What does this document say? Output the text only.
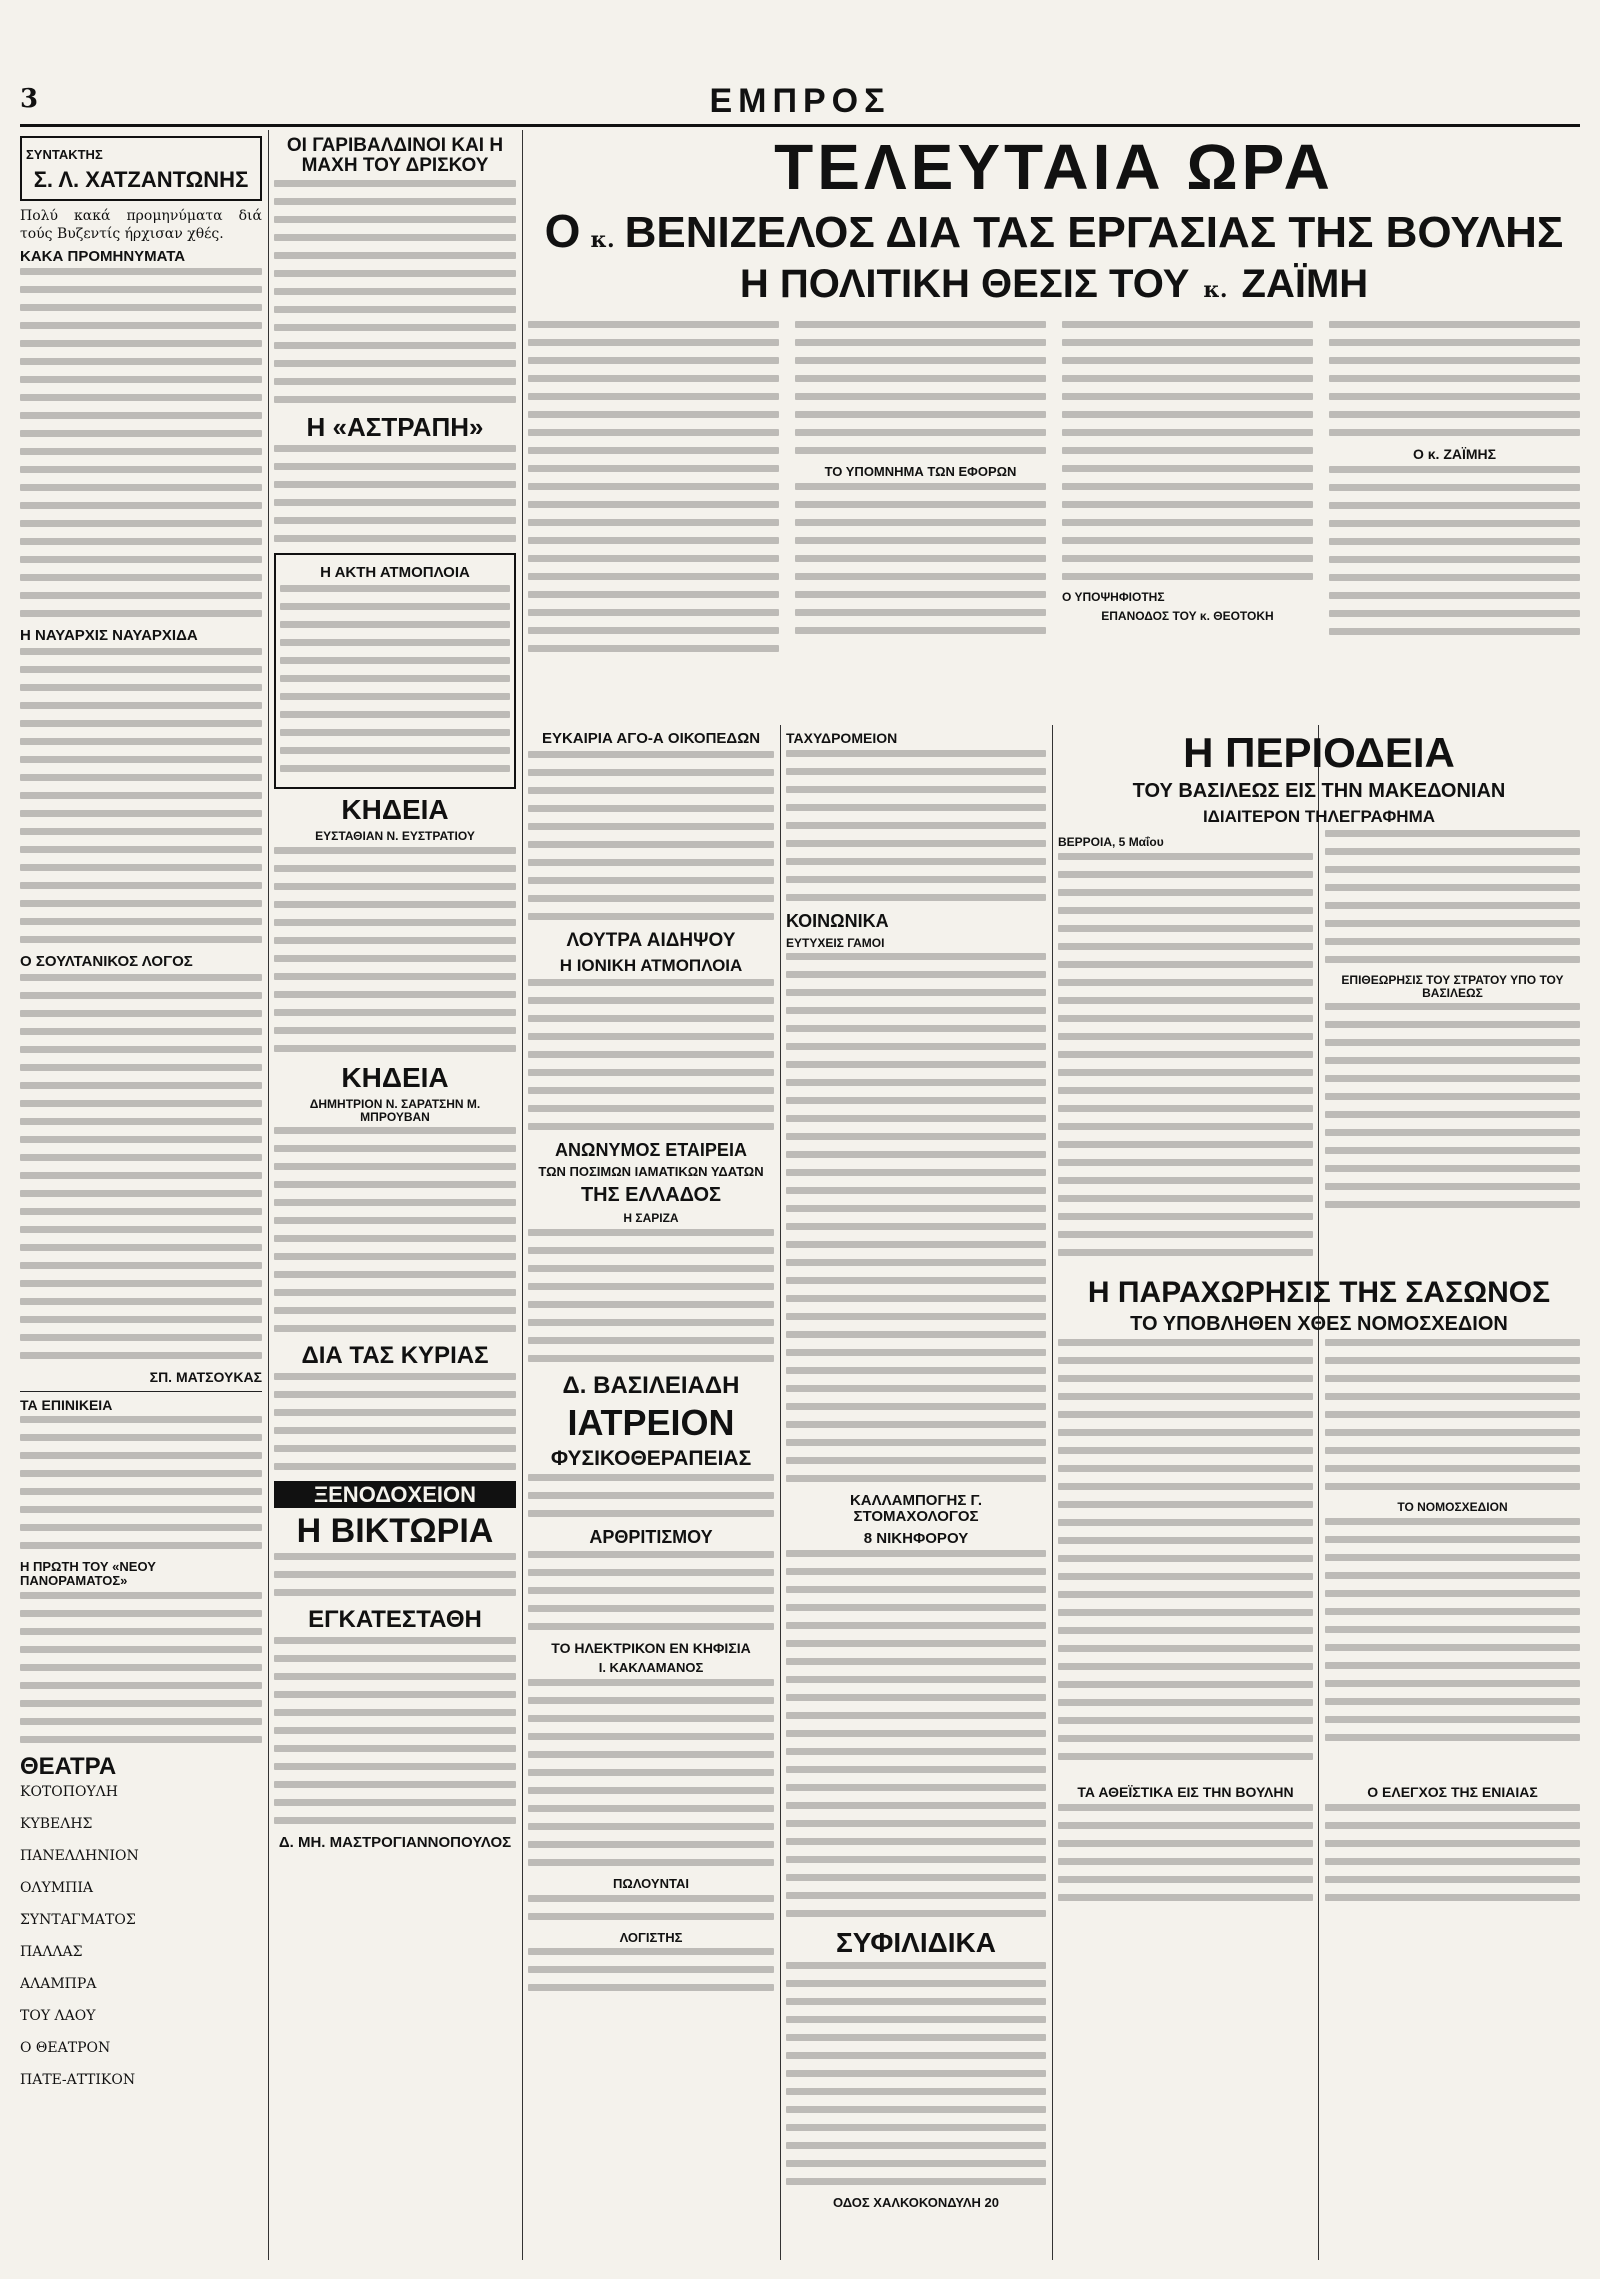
3	ΕΜΠΡΟΣ
ΣΥΝΤΑΚΤΗΣ
Σ. Λ. ΧΑΤΖΑΝΤΩΝΗΣ

Πολύ κακά προμηνύματα διά τούς Βυζεντίς ήρχισαν χθές.

ΚΑΚΑ ΠΡΟΜΗΝΥΜΑΤΑ
Η ΝΑΥΑΡΧΙΣ ΝΑΥΑΡΧΙΔΑ
Ο ΣΟΥΛΤΑΝΙΚΟΣ ΛΟΓΟΣ
ΣΠ. ΜΑΤΣΟΥΚΑΣ
ΤΑ ΕΠΙΝΙΚΕΙΑ
Η ΠΡΩΤΗ ΤΟΥ «ΝΕΟΥ ΠΑΝΟΡΑΜΑΤΟΣ»
ΘΕΑΤΡΑ
ΚΟΤΟΠΟΥΛΗ
ΚΥΒΕΛΗΣ
ΠΑΝΕΛΛΗΝΙΟΝ
ΟΛΥΜΠΙΑ
ΣΥΝΤΑΓΜΑΤΟΣ
ΠΑΛΛΑΣ
ΑΛΑΜΠΡΑ
ΤΟΥ ΛΑΟΥ
Ο ΘΕΑΤΡΟΝ
ΠΑΤΕ-ΑΤΤΙΚΟΝ
ΟΙ ΓΑΡΙΒΑΛΔΙΝΟΙ ΚΑΙ Η ΜΑΧΗ ΤΟΥ ΔΡΙΣΚΟΥ
Η «ΑΣΤΡΑΠΗ»
Η ΑΚΤΗ ΑΤΜΟΠΛΟΙΑ
ΚΗΔΕΙΑ
ΕΥΣΤΑΘΙΑΝ Ν. ΕΥΣΤΡΑΤΙΟΥ
ΚΗΔΕΙΑ
ΔΗΜΗΤΡΙΟΝ Ν. ΣΑΡΑΤΣΗΝ Μ. ΜΠΡΟΥΒΑΝ
ΔΙΑ ΤΑΣ ΚΥΡΙΑΣ
ΞΕΝΟΔΟΧΕΙΟΝ
Η ΒΙΚΤΩΡΙΑ
ΕΓΚΑΤΕΣΤΑΘΗ
Δ. ΜΗ. ΜΑΣΤΡΟΓΙΑΝΝΟΠΟΥΛΟΣ
ΤΕΛΕΥΤΑΙΑ ΩΡΑ
Ο κ. ΒΕΝΙΖΕΛΟΣ ΔΙΑ ΤΑΣ ΕΡΓΑΣΙΑΣ ΤΗΣ ΒΟΥΛΗΣ
Η ΠΟΛΙΤΙΚΗ ΘΕΣΙΣ ΤΟΥ κ. ΖΑΪΜΗ
ΤΟ ΥΠΟΜΝΗΜΑ ΤΩΝ ΕΦΟΡΩΝ
Ο ΥΠΟΨΗΦΙΟΤΗΣ
ΕΠΑΝΟΔΟΣ ΤΟΥ κ. ΘΕΟΤΟΚΗ
Ο κ. ΖΑΪΜΗΣ
ΕΥΚΑΙΡΙΑ ΑΓΟ-Α ΟΙΚΟΠΕΔΩΝ
ΛΟΥΤΡΑ ΑΙΔΗΨΟΥ
Η ΙΟΝΙΚΗ ΑΤΜΟΠΛΟΙΑ
ΑΝΩΝΥΜΟΣ ΕΤΑΙΡΕΙΑ
ΤΩΝ ΠΟΣΙΜΩΝ ΙΑΜΑΤΙΚΩΝ ΥΔΑΤΩΝ
ΤΗΣ ΕΛΛΑΔΟΣ
Η ΣΑΡΙΖΑ
Δ. ΒΑΣΙΛΕΙΑΔΗ
ΙΑΤΡΕΙΟΝ
ΦΥΣΙΚΟΘΕΡΑΠΕΙΑΣ
ΑΡΘΡΙΤΙΣΜΟΥ
ΤΟ ΗΛΕΚΤΡΙΚΟΝ ΕΝ ΚΗΦΙΣΙΑ
Ι. ΚΑΚΛΑΜΑΝΟΣ
ΠΩΛΟΥΝΤΑΙ
ΛΟΓΙΣΤΗΣ
ΤΑΧΥΔΡΟΜΕΙΟΝ
ΚΟΙΝΩΝΙΚΑ
ΕΥΤΥΧΕΙΣ ΓΑΜΟΙ
ΚΑΛΛΑΜΠΟΓΗΣ Γ. ΣΤΟΜΑΧΟΛΟΓΟΣ
8 ΝΙΚΗΦΟΡΟΥ
ΣΥΦΙΛΙΔΙΚΑ
ΟΔΟΣ ΧΑΛΚΟΚΟΝΔΥΛΗ 20
Η ΠΕΡΙΟΔΕΙΑ
ΤΟΥ ΒΑΣΙΛΕΩΣ ΕΙΣ ΤΗΝ ΜΑΚΕΔΟΝΙΑΝ
ΙΔΙΑΙΤΕΡΟΝ ΤΗΛΕΓΡΑΦΗΜΑ
ΒΕΡΡΟΙΑ, 5 Μαΐου
ΕΠΙΘΕΩΡΗΣΙΣ ΤΟΥ ΣΤΡΑΤΟΥ ΥΠΟ ΤΟΥ ΒΑΣΙΛΕΩΣ
Η ΠΑΡΑΧΩΡΗΣΙΣ ΤΗΣ ΣΑΣΩΝΟΣ
ΤΟ ΥΠΟΒΛΗΘΕΝ ΧΘΕΣ ΝΟΜΟΣΧΕΔΙΟΝ
ΤΟ ΝΟΜΟΣΧΕΔΙΟΝ
ΤΑ ΑΘΕΪΣΤΙΚΑ ΕΙΣ ΤΗΝ ΒΟΥΛΗΝ	Ο ΕΛΕΓΧΟΣ ΤΗΣ ΕΝΙΑΙΑΣ
